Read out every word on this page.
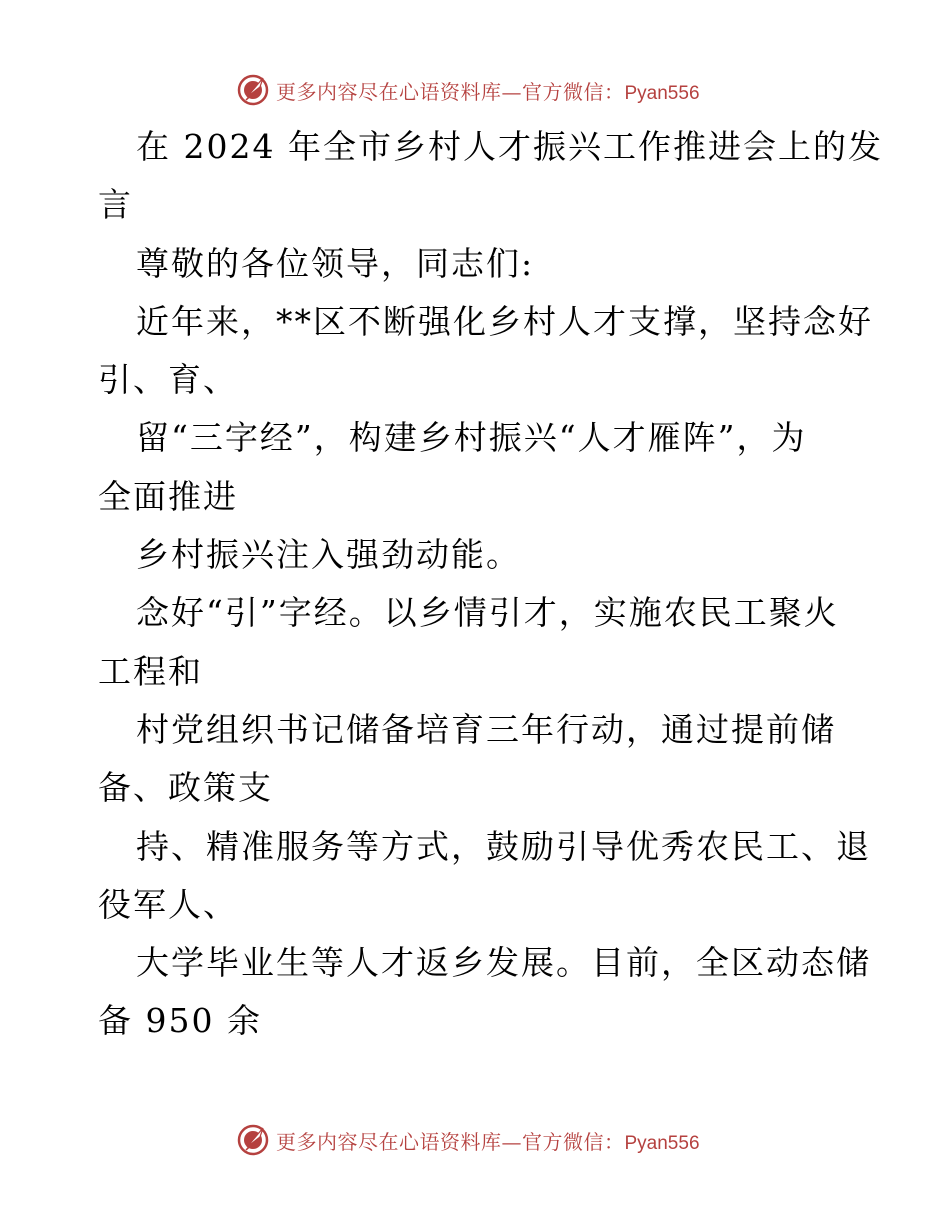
更多内容尽在心语资料库—官方微信：Pyan556
在 2024 年全市乡村人才振兴工作推进会上的发
言
尊敬的各位领导，同志们:
近年来，**区不断强化乡村人才支撑，坚持念好
引、育、
留“三字经”，构建乡村振兴“人才雁阵”，为
全面推进
乡村振兴注入强劲动能。
念好“引”字经。以乡情引才，实施农民工聚火
工程和
村党组织书记储备培育三年行动，通过提前储
备、政策支
持、精准服务等方式，鼓励引导优秀农民工、退
役军人、
大学毕业生等人才返乡发展。目前，全区动态储
备 950 余
更多内容尽在心语资料库—官方微信：Pyan556
